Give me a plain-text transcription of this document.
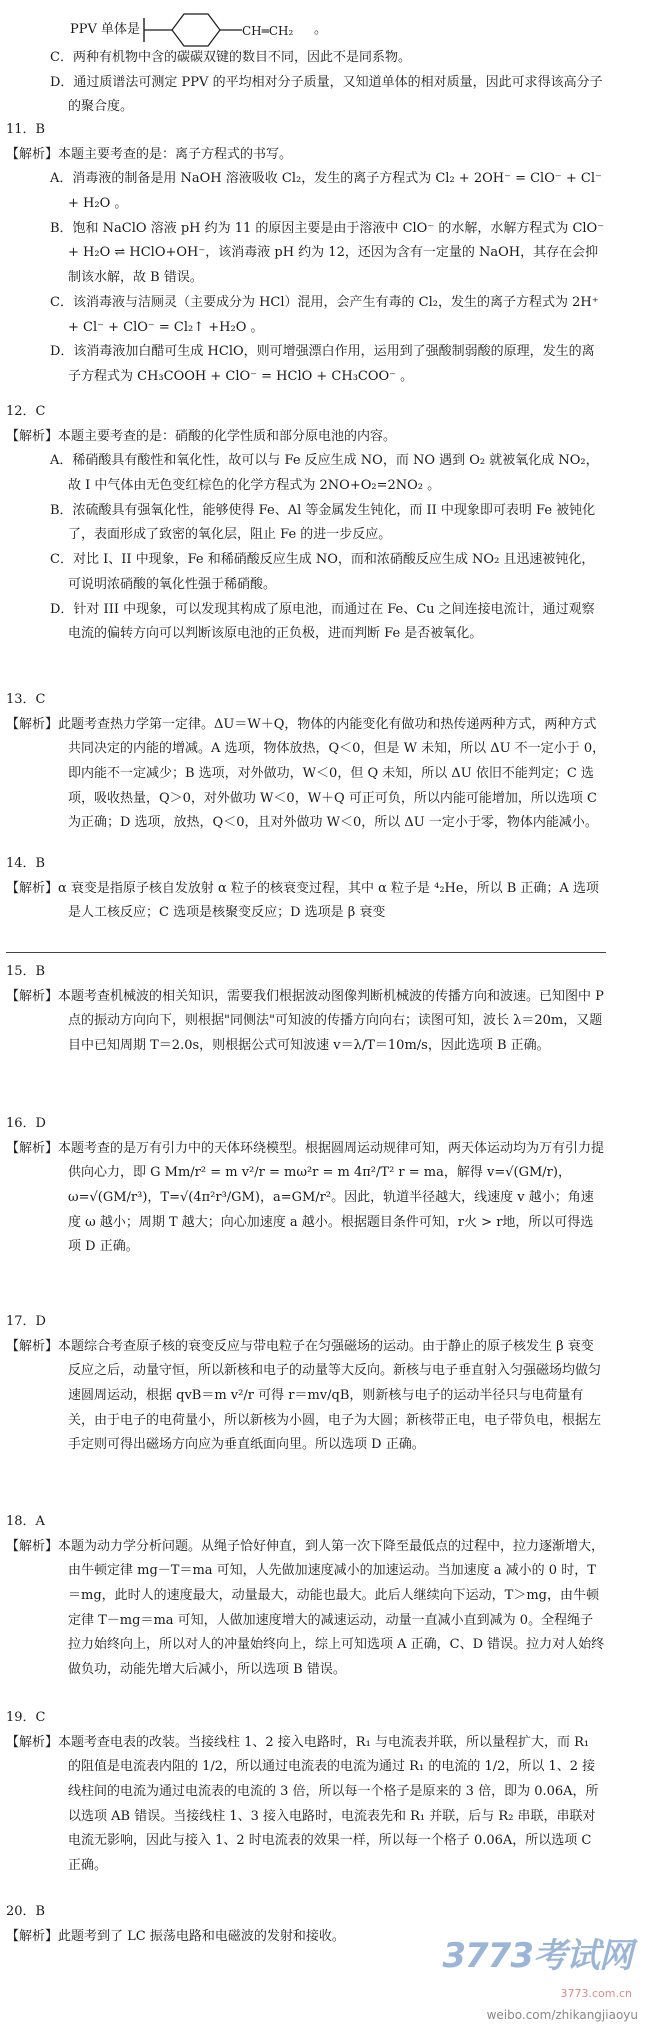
PPV 单体是	CH═CH₂ 。
C．两种有机物中含的碳碳双键的数目不同，因此不是同系物。
D．通过质谱法可测定 PPV 的平均相对分子质量，又知道单体的相对质量，因此可求得该高分子的聚合度。
11．B
【解析】本题主要考查的是：离子方程式的书写。
A．消毒液的制备是用 NaOH 溶液吸收 Cl₂，发生的离子方程式为 Cl₂ + 2OH⁻ = ClO⁻ + Cl⁻ + H₂O 。
B．饱和 NaClO 溶液 pH 约为 11 的原因主要是由于溶液中 ClO⁻ 的水解，水解方程式为 ClO⁻ + H₂O ⇌ HClO+OH⁻，该消毒液 pH 约为 12，还因为含有一定量的 NaOH，其存在会抑制该水解，故 B 错误。
C．该消毒液与洁厕灵（主要成分为 HCl）混用，会产生有毒的 Cl₂，发生的离子方程式为 2H⁺ + Cl⁻ + ClO⁻ = Cl₂↑ +H₂O 。
D．该消毒液加白醋可生成 HClO，则可增强漂白作用，运用到了强酸制弱酸的原理，发生的离子方程式为 CH₃COOH + ClO⁻ = HClO + CH₃COO⁻ 。
12．C
【解析】本题主要考查的是：硝酸的化学性质和部分原电池的内容。
A．稀硝酸具有酸性和氧化性，故可以与 Fe 反应生成 NO，而 NO 遇到 O₂ 就被氧化成 NO₂，故 I 中气体由无色变红棕色的化学方程式为 2NO+O₂=2NO₂ 。
B．浓硫酸具有强氧化性，能够使得 Fe、Al 等金属发生钝化，而 II 中现象即可表明 Fe 被钝化了，表面形成了致密的氧化层，阻止 Fe 的进一步反应。
C．对比 I、II 中现象，Fe 和稀硝酸反应生成 NO，而和浓硝酸反应生成 NO₂ 且迅速被钝化，可说明浓硝酸的氧化性强于稀硝酸。
D．针对 III 中现象，可以发现其构成了原电池，而通过在 Fe、Cu 之间连接电流计，通过观察电流的偏转方向可以判断该原电池的正负极，进而判断 Fe 是否被氧化。
13．C
【解析】此题考查热力学第一定律。ΔU＝W＋Q，物体的内能变化有做功和热传递两种方式，两种方式共同决定的内能的增减。A 选项，物体放热，Q＜0，但是 W 未知，所以 ΔU 不一定小于 0，即内能不一定减少；B 选项，对外做功，W＜0，但 Q 未知，所以 ΔU 依旧不能判定；C 选项，吸收热量，Q＞0，对外做功 W＜0，W＋Q 可正可负，所以内能可能增加，所以选项 C 为正确；D 选项，放热，Q＜0，且对外做功 W＜0，所以 ΔU 一定小于零，物体内能减小。
14．B
【解析】α 衰变是指原子核自发放射 α 粒子的核衰变过程，其中 α 粒子是 ⁴₂He，所以 B 正确；A 选项是人工核反应；C 选项是核聚变反应；D 选项是 β 衰变
15．B
【解析】本题考查机械波的相关知识，需要我们根据波动图像判断机械波的传播方向和波速。已知图中 P 点的振动方向向下，则根据"同侧法"可知波的传播方向向右；读图可知，波长 λ＝20m，又题目中已知周期 T＝2.0s，则根据公式可知波速 v＝λ/T＝10m/s，因此选项 B 正确。
16．D
【解析】本题考查的是万有引力中的天体环绕模型。根据圆周运动规律可知，两天体运动均为万有引力提供向心力，即 G Mm/r² = m v²/r = mω²r = m 4π²/T² r = ma，解得 v=√(GM/r)，ω=√(GM/r³)，T=√(4π²r³/GM)，a=GM/r²。因此，轨道半径越大，线速度 v 越小；角速度 ω 越小；周期 T 越大；向心加速度 a 越小。根据题目条件可知，r火 > r地，所以可得选项 D 正确。
17．D
【解析】本题综合考查原子核的衰变反应与带电粒子在匀强磁场的运动。由于静止的原子核发生 β 衰变反应之后，动量守恒，所以新核和电子的动量等大反向。新核与电子垂直射入匀强磁场均做匀速圆周运动，根据 qvB＝m v²/r 可得 r＝mv/qB，则新核与电子的运动半径只与电荷量有关，由于电子的电荷量小，所以新核为小圆，电子为大圆；新核带正电，电子带负电，根据左手定则可得出磁场方向应为垂直纸面向里。所以选项 D 正确。
18．A
【解析】本题为动力学分析问题。从绳子恰好伸直，到人第一次下降至最低点的过程中，拉力逐渐增大，由牛顿定律 mg－T＝ma 可知，人先做加速度减小的加速运动。当加速度 a 减小的 0 时，T＝mg，此时人的速度最大，动量最大，动能也最大。此后人继续向下运动，T＞mg，由牛顿定律 T－mg＝ma 可知，人做加速度增大的减速运动，动量一直减小直到减为 0。全程绳子拉力始终向上，所以对人的冲量始终向上，综上可知选项 A 正确，C、D 错误。拉力对人始终做负功，动能先增大后减小，所以选项 B 错误。
19．C
【解析】本题考查电表的改装。当接线柱 1、2 接入电路时，R₁ 与电流表并联，所以量程扩大，而 R₁ 的阻值是电流表内阻的 1/2，所以通过电流表的电流为通过 R₁ 的电流的 1/2，所以 1、2 接线柱间的电流为通过电流表的电流的 3 倍，所以每一个格子是原来的 3 倍，即为 0.06A，所以选项 AB 错误。当接线柱 1、3 接入电路时，电流表先和 R₁ 并联，后与 R₂ 串联，串联对电流无影响，因此与接入 1、2 时电流表的效果一样，所以每一个格子 0.06A，所以选项 C 正确。
20．B
【解析】此题考到了 LC 振荡电路和电磁波的发射和接收。	3773考试网
3773.com.cn
weibo.com/zhikangjiaoyu
